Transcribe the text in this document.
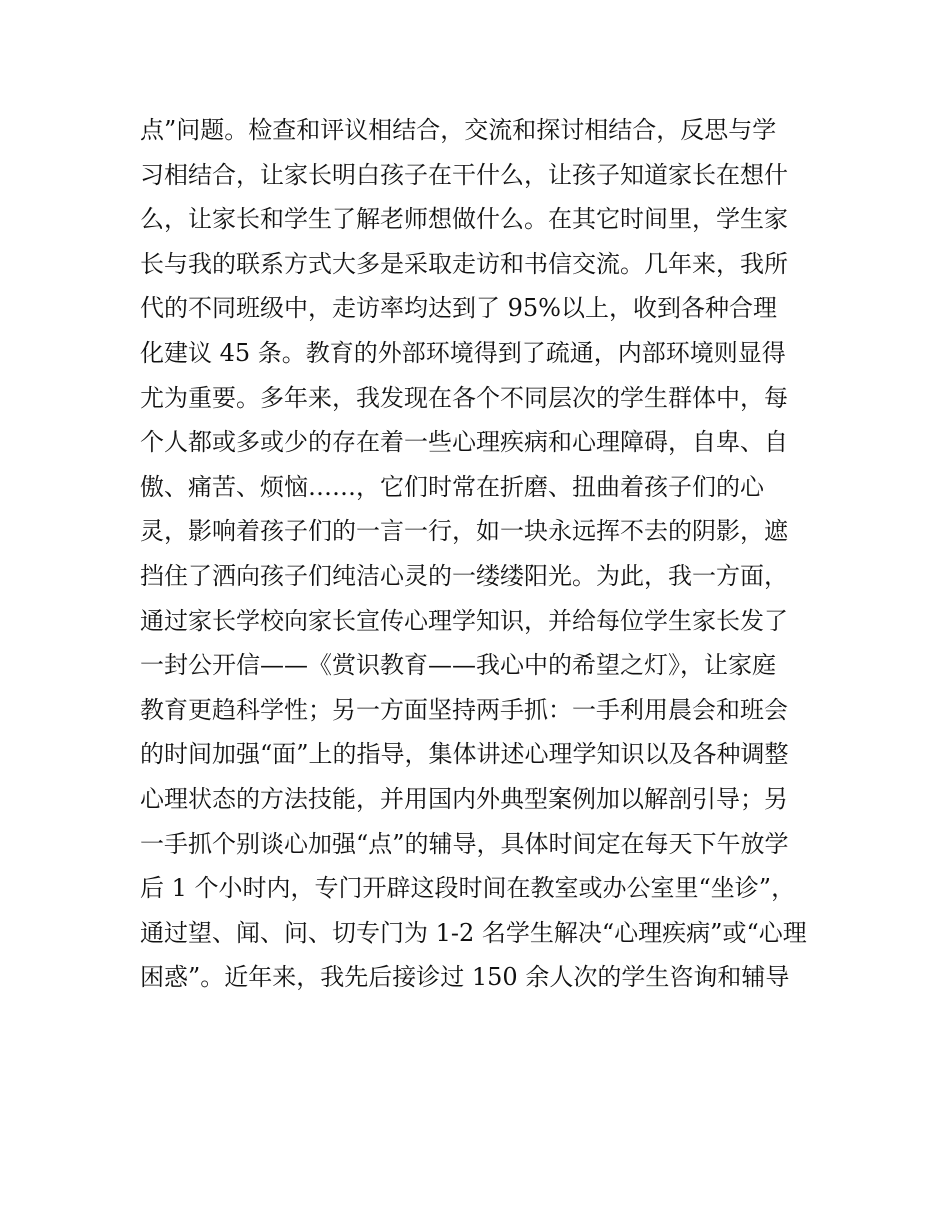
点”问题。检查和评议相结合，交流和探讨相结合，反思与学
习相结合，让家长明白孩子在干什么，让孩子知道家长在想什
么，让家长和学生了解老师想做什么。在其它时间里，学生家
长与我的联系方式大多是采取走访和书信交流。几年来，我所
代的不同班级中，走访率均达到了 95%以上，收到各种合理
化建议 45 条。教育的外部环境得到了疏通，内部环境则显得
尤为重要。多年来，我发现在各个不同层次的学生群体中，每
个人都或多或少的存在着一些心理疾病和心理障碍，自卑、自
傲、痛苦、烦恼……，它们时常在折磨、扭曲着孩子们的心
灵，影响着孩子们的一言一行，如一块永远挥不去的阴影，遮
挡住了洒向孩子们纯洁心灵的一缕缕阳光。为此，我一方面，
通过家长学校向家长宣传心理学知识，并给每位学生家长发了
一封公开信——《赏识教育——我心中的希望之灯》，让家庭
教育更趋科学性；另一方面坚持两手抓：一手利用晨会和班会
的时间加强“面”上的指导，集体讲述心理学知识以及各种调整
心理状态的方法技能，并用国内外典型案例加以解剖引导；另
一手抓个别谈心加强“点”的辅导，具体时间定在每天下午放学
后 1 个小时内，专门开辟这段时间在教室或办公室里“坐诊”，
通过望、闻、问、切专门为 1-2 名学生解决“心理疾病”或“心理
困惑”。近年来，我先后接诊过 150 余人次的学生咨询和辅导
